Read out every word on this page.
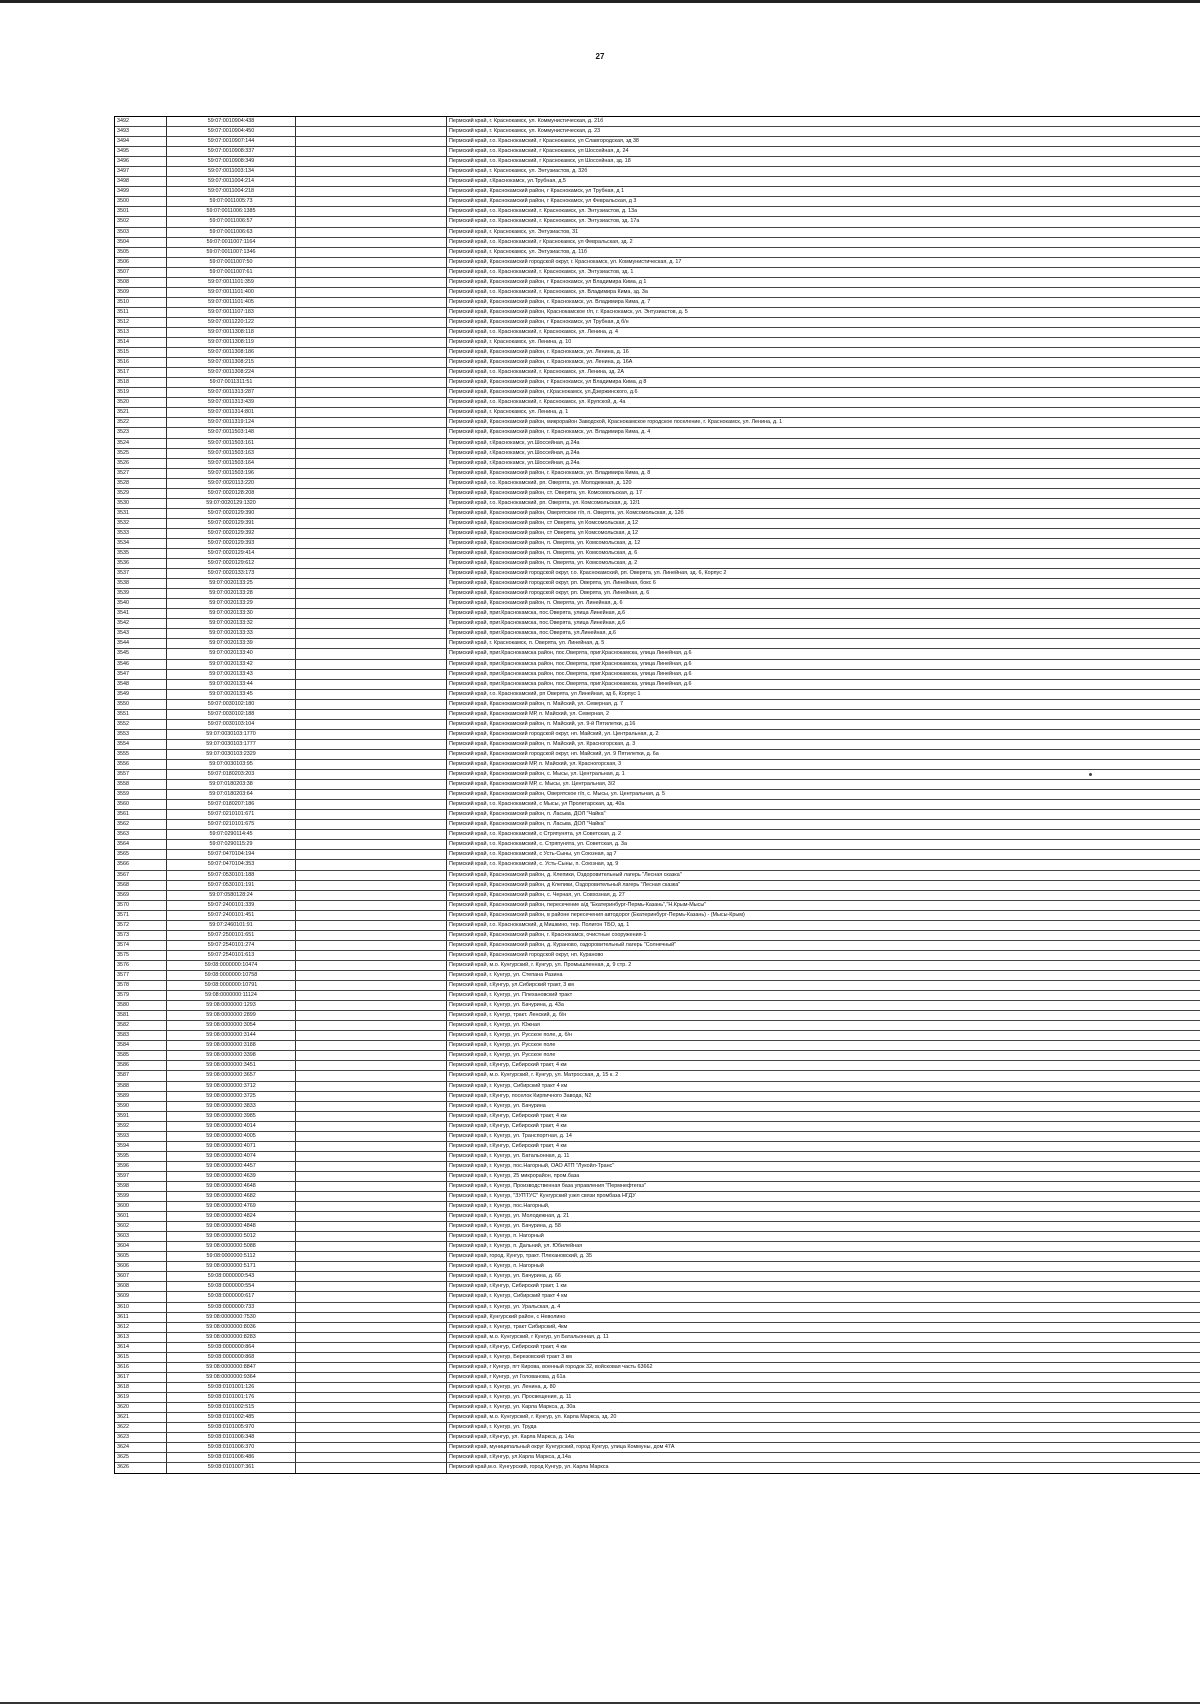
27
3492	59:07:0010904:438	Пермский край, г. Краснокамск, ул. Коммунистическая, д. 21б
3493	59:07:0010904:450	Пермский край, г. Краснокамск, ул. Коммунистическая, д. 23
3494	59:07:0010907:144	Пермский край, г.о. Краснокамский, г Краснокамск, ул Славгородская, зд 38
3495	59:07:0010908:337	Пермский край, г.о. Краснокамский, г Краснокамск, ул Шоссейная, д. 24
3496	59:07:0010908:349	Пермский край, г.о. Краснокамский, г Краснокамск, ул Шоссейная, зд. 18
3497	59:07:0011003:134	Пермский край, г. Краснокамск, ул. Энтузиастов, д. 32б
3498	59:07:0011004:214	Пермский край, г.Краснокамск, ул.Трубная, д.5
3499	59:07:0011004:218	Пермский край, Краснокамский район, г Краснокамск, ул Трубная, д 1
3500	59:07:0011005:73	Пермский край, Краснокамский район, г Краснокамск, ул Февральская, д 3
3501	59:07:0011006:1385	Пермский край, г.о. Краснокамский, г. Краснокамск, ул. Энтузиастов, д. 13а
3502	59:07:0011006:57	Пермский край, г.о. Краснокамский, г. Краснокамск, ул. Энтузиастов, зд. 17а
3503	59:07:0011006:63	Пермский край, г. Краснокамск, ул. Энтузиастов, 31
3504	59:07:0011007:1164	Пермский край, г.о. Краснокамский, г Краснокамск, ул Февральская, зд. 2
3505	59:07:0011007:1346	Пермский край, г. Краснокамск, ул. Энтузиастов, д. 11б
3506	59:07:0011007:50	Пермский край, Краснокамский городской округ, г. Краснокамск, ул. Коммунистическая, д. 17
3507	59:07:0011007:61	Пермский край, г.о. Краснокамский, г. Краснокамск, ул. Энтузиастов, зд. 1
3508	59:07:0011101:359	Пермский край, Краснокамский район, г Краснокамск, ул Владимира Кима, д 1
3509	59:07:0011101:400	Пермский край, г.о. Краснокамский, г. Краснокамск, ул. Владимира Кима, зд. 3а
3510	59:07:0011101:405	Пермский край, Краснокамский район, г. Краснокамск, ул. Владимира Кима, д. 7
3511	59:07:0011107:183	Пермский край, Краснокамский район, Краснокамское г/п, г. Краснокамск, ул. Энтузиастов, д. 5
3512	59:07:0011220:122	Пермский край, Краснокамский район, г Краснокамск, ул Трубная, д б/н
3513	59:07:0011308:118	Пермский край, г.о. Краснокамский, г. Краснокамск, ул. Ленина, д. 4
3514	59:07:0011308:119	Пермский край, г. Краснокамск, ул. Ленина, д. 10
3515	59:07:0011308:186	Пермский край, Краснокамский район, г. Краснокамск, ул. Ленина, д. 16
3516	59:07:0011308:215	Пермский край, Краснокамский район, г. Краснокамск, ул. Ленина, д. 16А
3517	59:07:0011308:224	Пермский край, г.о. Краснокамский, г. Краснокамск, ул. Ленина, зд. 2А
3518	59:07:0011311:51	Пермский край, Краснокамский район, г Краснокамск, ул Владимира Кима, д 8
3519	59:07:0011313:287	Пермский край, Краснокамский район, г.Краснокамск, ул.Дзержинского, д.6
3520	59:07:0011313:439	Пермский край, г.о. Краснокамский, г. Краснокамск, ул. Крупской, д. 4а
3521	59:07:0011314:801	Пермский край, г. Краснокамск, ул. Ленина, д. 1
3522	59:07:0011319:124	Пермский край, Краснокамский район, микрорайон Заводской, Краснокамское городское поселение, г. Краснокамск, ул. Ленина, д. 1
3523	59:07:0011503:148	Пермский край, Краснокамский район, г. Краснокамск, ул. Владимира Кима, д. 4
3524	59:07:0011503:161	Пермский край, г.Краснокамск, ул.Шоссейная, д.24а
3525	59:07:0011503:163	Пермский край, г.Краснокамск, ул.Шоссейная, д.24а
3526	59:07:0011503:164	Пермский край, г.Краснокамск, ул.Шоссейная, д.24а
3527	59:07:0011503:196	Пермский край, Краснокамский район, г. Краснокамск, ул. Владимира Кима, д. 8
3528	59:07:0020113:220	Пермский край, г.о. Краснокамский, рп. Оверята, ул. Молодежная, д. 120
3529	59:07:0020128:208	Пермский край, Краснокамский район, ст. Оверята, ул. Комсомольская, д. 17
3530	59:07:0020129:1320	Пермский край, г.о. Краснокамский, рп. Оверята, ул. Комсомольская, д. 12/1
3531	59:07:0020129:390	Пермский край, Краснокамский район, Оверятское г/п, п. Оверята, ул. Комсомольская, д. 12б
3532	59:07:0020129:391	Пермский край, Краснокамский район, ст Оверята, ул Комсомольская, д 12
3533	59:07:0020129:392	Пермский край, Краснокамский район, ст Оверята, ул Комсомольская, д 12
3534	59:07:0020129:393	Пермский край, Краснокамский район, п. Оверята, ул. Комсомольская, д. 12
3535	59:07:0020129:414	Пермский край, Краснокамский район, п. Оверята, ул. Комсомольская, д. 6
3536	59:07:0020129:612	Пермский край, Краснокамский район, п. Оверята, ул. Комсомольская, д. 2
3537	59:07:0020133:173	Пермский край, Краснокамский городской округ, г.о. Краснокамский, рп. Оверята, ул. Линейная, зд. 6, Корпус 2
3538	59:07:0020133:25	Пермский край, Краснокамский городской округ, рп. Оверята, ул. Линейная, бокс 6
3539	59:07:0020133:28	Пермский край, Краснокамский городской округ, рп. Оверята, ул. Линейная, д. 6
3540	59:07:0020133:29	Пермский край, Краснокамский район, п. Оверята, ул. Линейная, д. 6
3541	59:07:0020133:30	Пермский край, приг.Краснокамска, пос.Оверята, улица Линейная, д.6
3542	59:07:0020133:32	Пермский край, приг.Краснокамска, пос.Оверята, улица Линейная, д.6
3543	59:07:0020133:33	Пермский край, приг.Краснокамска, пос.Оверята, ул.Линейная, д.6
3544	59:07:0020133:39	Пермский край, г. Краснокамск, п. Оверята, ул. Линейная, д. 5
3545	59:07:0020133:40	Пермский край, приг.Краснокамска район, пос.Оверята, приг.Краснокамска, улица Линейная, д.6
3546	59:07:0020133:42	Пермский край, приг.Краснокамска район, пос.Оверята, приг.Краснокамска, улица Линейная, д.6
3547	59:07:0020133:43	Пермский край, приг.Краснокамска район, пос.Оверята, приг.Краснокамска, улица Линейная, д.6
3548	59:07:0020133:44	Пермский край, приг.Краснокамска район, пос.Оверята, приг.Краснокамска, улица Линейная, д.6
3549	59:07:0020133:45	Пермский край, г.о. Краснокамский, рп Оверята, ул Линейная, зд 6, Корпус 1
3550	59:07:0030102:180	Пермский край, Краснокамский район, п. Майский, ул. Северная, д. 7
3551	59:07:0030102:188	Пермский край, Краснокамский МР, п. Майский, ул. Северная, 2
3552	59:07:0030103:104	Пермский край, Краснокамский район, п. Майский, ул. 9-й Пятилетки, д.16
3553	59:07:0030103:1770	Пермский край, Краснокамский городской округ, нп. Майский, ул. Центральная, д. 2
3554	59:07:0030103:1777	Пермский край, Краснокамский район, п. Майский, ул. Красногорская, д. 3
3555	59:07:0030103:2329	Пермский край, Краснокамский городской округ, нп. Майский, ул. 9 Пятилетки, д. 6а
3556	59:07:0030103:95	Пермский край, Краснокамский МР, п. Майский, ул. Красногорская, 3
3557	59:07:0180203:203	Пермский край, Краснокамский район, с. Мысы, ул. Центральная, д. 1
3558	59:07:0180203:38	Пермский край, Краснокамский МР, с. Мысы, ул. Центральная, 3/2
3559	59:07:0180203:64	Пермский край, Краснокамский район, Оверятское г/п, с. Мысы, ул. Центральная, д. 5
3560	59:07:0180207:186	Пермский край, г.о. Краснокамский, с Мысы, ул Пролетарская, зд. 40а
3561	59:07:0210101:671	Пермский край, Краснокамский район, п. Ласьва, ДОЛ "Чайка"
3562	59:07:0210101:675	Пермский край, Краснокамский район, п. Ласьва, ДОЛ "Чайка"
3563	59:07:0290114:45	Пермский край, г.о. Краснокамский, с Стряпунята, ул Советская, д. 2
3564	59:07:0290115:29	Пермский край, г.о. Краснокамский, с. Стряпунята, ул. Советская, д. 3а
3565	59:07:0470104:194	Пермский край, г.о. Краснокамский, с Усть-Сыны, ул Союзная, зд 7
3566	59:07:0470104:353	Пермский край, г.о. Краснокамский, с. Усть-Сыны, п. Союзная, зд. 9
3567	59:07:0530101:188	Пермский край, Краснокамский район, д. Клепики, Оздоровительный лагерь "Лесная сказка"
3568	59:07:0530101:191	Пермский край, Краснокамский район, д Клепики, Оздоровительный лагерь "Лесная сказка"
3569	59:07:0580128:24	Пермский край, Краснокамский район, с. Черная, ул. Совхозная, д. 27
3570	59:07:2400101:339	Пермский край, Краснокамский район, пересечение а/д "Екатеринбург-Пермь-Казань","Н.Крым-Мысы"
3571	59:07:2400101:451	Пермский край, Краснокамский район, в районе пересечения автодорог (Екатеринбург-Пермь-Казань) - (Мысы-Крым)
3572	59:07:2460101:91	Пермский край, г.о. Краснокамский, д Мишкино, тер. Полигон ТБО, зд. 1
3573	59:07:2500101:651	Пермский край, Краснокамский район, г. Краснокамск, очистные сооружения-1
3574	59:07:2540101:274	Пермский край, Краснокамский район, д. Кураново, оздоровительный лагерь "Солнечный"
3575	59:07:2540101:613	Пермский край, Краснокамский городской округ, нп. Кураново
3576	59:08:0000000:10474	Пермский край, м.о. Кунгурский, г. Кунгур, ул. Промышленная, д. 9 стр. 2
3577	59:08:0000000:10758	Пермский край, г. Кунгур, ул. Степана Разина
3578	59:08:0000000:10791	Пермский край, г.Кунгур, ул.Сибирский тракт, 3 км
3579	59:08:0000000:11124	Пермский край, г. Кунгур, ул. Плехановский тракт
3580	59:08:0000000:1293	Пермский край, г. Кунгур, ул. Бачурина, д. 43а
3581	59:08:0000000:2899	Пермский край, г. Кунгур, тракт. Ленский, д. б/н
3582	59:08:0000000:3054	Пермский край, г. Кунгур, ул. Южная
3583	59:08:0000000:3144	Пермский край, г. Кунгур, ул. Русское поле, д. б/н
3584	59:08:0000000:3188	Пермский край, г. Кунгур, ул. Русское поле
3585	59:08:0000000:3398	Пермский край, г. Кунгур, ул. Русское поле
3586	59:08:0000000:3451	Пермский край, г.Кунгур, Сибирский тракт, 4 км
3587	59:08:0000000:3657	Пермский край, м.о. Кунгурский, г. Кунгур, ул. Матросская, д. 15 к. 2
3588	59:08:0000000:3712	Пермский край, г. Кунгур, Сибирский тракт 4 км
3589	59:08:0000000:3725	Пермский край, г.Кунгур, поселок Кирпичного Завода, N2
3590	59:08:0000000:3833	Пермский край, г. Кунгур, ул. Бачурина
3591	59:08:0000000:3985	Пермский край, г.Кунгур, Сибирский тракт, 4 км
3592	59:08:0000000:4014	Пермский край, г.Кунгур, Сибирский тракт, 4 км
3593	59:08:0000000:4005	Пермский край, г. Кунгур, ул. Транспортная, д. 14
3594	59:08:0000000:4071	Пермский край, г.Кунгур, Сибирский тракт, 4 км
3595	59:08:0000000:4074	Пермский край, г. Кунгур, ул. Батальонная, д. 11
3596	59:08:0000000:4457	Пермский край, г. Кунгур, пос.Нагорный, ОАО АТП "Лукойл-Транс"
3597	59:08:0000000:4639	Пермский край, г. Кунгур, 25 микрорайон, пром.база
3598	59:08:0000000:4648	Пермский край, г. Кунгур, Производственная база управления "Пермнефтегаз"
3599	59:08:0000000:4682	Пермский край, г. Кунгур, "ЗУПТУС" Кунгурский узел связи промбаза НГДУ
3600	59:08:0000000:4769	Пермский край, г. Кунгур, пос.Нагорный,
3601	59:08:0000000:4824	Пермский край, г. Кунгур, ул. Молодежная, д. 21
3602	59:08:0000000:4848	Пермский край, г. Кунгур, ул. Бачурина, д. 58
3603	59:08:0000000:5012	Пермский край, г. Кунгур, п. Нагорный
3604	59:08:0000000:5088	Пермский край, г. Кунгур, п. Дальний, ул. Юбилейная
3605	59:08:0000000:5112	Пермский край, город. Кунгур, тракт. Плехановский, д. 35
3606	59:08:0000000:5171	Пермский край, г. Кунгур, п. Нагорный
3607	59:08:0000000:543	Пермский край, г. Кунгур, ул. Бачурина, д. 66
3608	59:08:0000000:554	Пермский край, г.Кунгур, Сибирский тракт, 1 км
3609	59:08:0000000:617	Пермский край, г. Кунгур, Сибирский тракт 4 км
3610	59:08:0000000:733	Пермский край, г. Кунгур, ул. Уральская, д. 4
3611	59:08:0000000:7530	Пермский край, Кунгурский район, с Неволино
3612	59:08:0000000:8036	Пермский край, г. Кунгур, тракт Сибирский, 4км
3613	59:08:0000000:8283	Пермский край, м.о. Кунгурский, г Кунгур, ул Батальонная, д. 11
3614	59:08:0000000:864	Пермский край, г.Кунгур, Сибирский тракт, 4 км
3615	59:08:0000000:868	Пермский край, г. Кунгур, Березовский тракт 3 км
3616	59:08:0000000:8847	Пермский край, г Кунгур, пгт Кирова, военный городок 32, войсковая часть 63662
3617	59:08:0000000:9364	Пермский край, г Кунгур, ул Голованова, д 61а
3618	59:08:0101001:126	Пермский край, г. Кунгур, ул. Ленина, д. 80
3619	59:08:0101001:176	Пермский край, г. Кунгур, ул. Просвещения, д. 11
3620	59:08:0101002:515	Пермский край, г. Кунгур, ул. Карла Маркса, д. 30а
3621	59:08:0101002:485	Пермский край, м.о. Кунгурский, г. Кунгур, ул. Карла Маркса, зд. 20
3622	59:08:0101005:970	Пермский край, г. Кунгур, ул. Труда
3623	59:08:0101006:348	Пермский край, г.Кунгур, ул. Карла Маркса, д. 14а
3624	59:08:0101006:370	Пермский край, муниципальный округ Кунгурский, город Кунгур, улица Коммуны, дом 47А
3625	59:08:0101006:486	Пермский край, г.Кунгур, ул.Карла Маркса, д.14а
3626	59:08:0101007:361	Пермский край,м.о. Кунгурский, город Кунгур, ул. Карла Маркса
